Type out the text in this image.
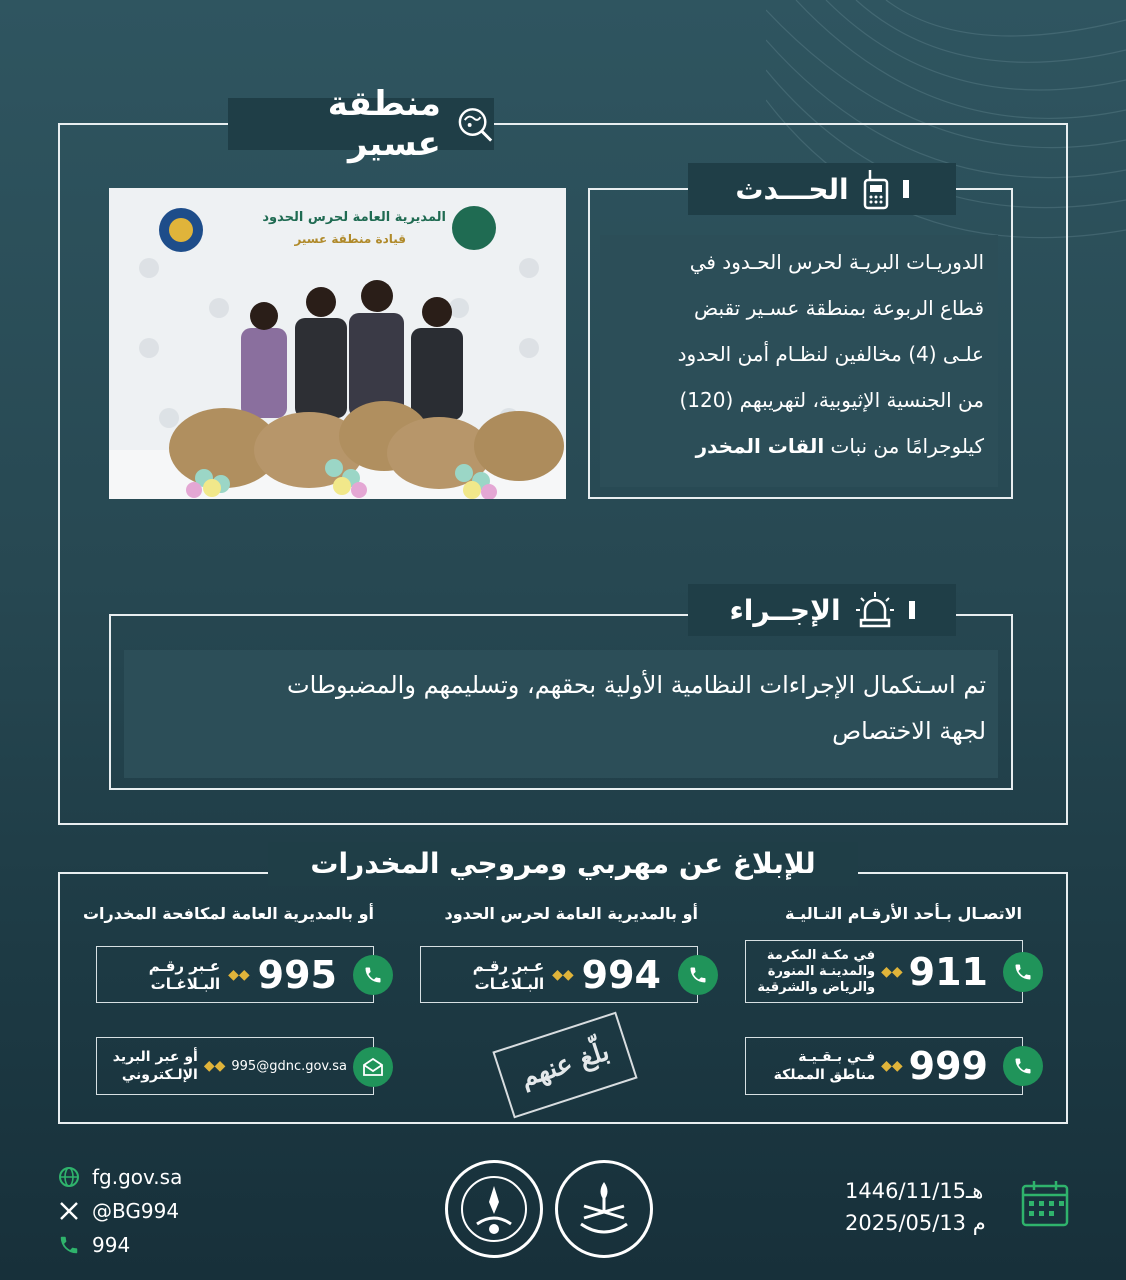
منطقة عسير
المديرية العامة لحرس الحدود
قيادة منطقة عسير
الدوريـات البريـة لحرس الحـدود في
قطاع الربوعة بمنطقة عسـير تقبض
علـى (4) مخالفين لنظـام أمن الحدود
من الجنسية الإثيوبية، لتهريبهم (120)
كيلوجرامًا من نبات القات المخدر
الحـــدث
تم اسـتكمال الإجراءات النظامية الأولية بحقهم، وتسليمهم والمضبوطات
لجهة الاختصاص
الإجــراء
للإبلاغ عن مهربي ومروجي المخدرات
الاتصـال بـأحد الأرقـام التـاليـة
أو بالمديرية العامة لحرس الحدود
أو بالمديرية العامة لمكافحة المخدرات
911
◆◆
في مكـة المكرمة
والمدينـة المنورة
والرياض والشرقية
999
◆◆
فـي بـقـيـة
مناطق المملكة
994
◆◆
عـبر رقـم
البـلاغـات
بلّغ عنهم
995
◆◆
عـبر رقـم
البـلاغـات
995@gdnc.gov.sa
◆◆
أو عبر البريد
الإلـكتروني
fg.gov.sa
@BG994
994
1446/11/15هـ
2025/05/13 م
